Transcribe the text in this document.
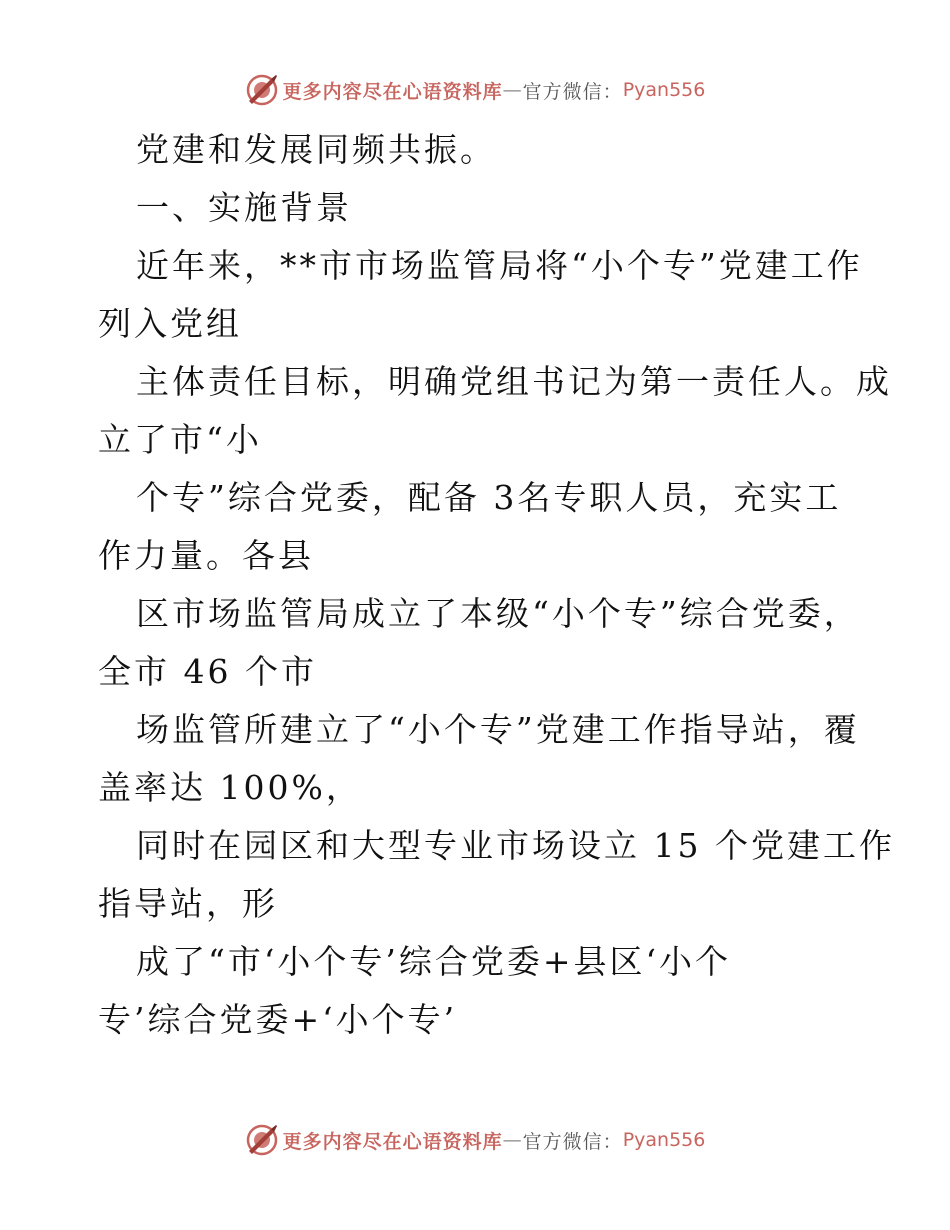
更多内容尽在心语资料库 — 官方微信： Pyan556
党建和发展同频共振。
一、实施背景
近年来，**市市场监管局将“小个专”党建工作
列入党组
主体责任目标，明确党组书记为第一责任人。成
立了市“小
个专”综合党委，配备 3名专职人员，充实工
作力量。各县
区市场监管局成立了本级“小个专”综合党委，
全市 46 个市
场监管所建立了“小个专”党建工作指导站，覆
盖率达 100%，
同时在园区和大型专业市场设立 15 个党建工作
指导站，形
成了“市‘小个专’综合党委+县区‘小个
专’综合党委+‘小个专’
更多内容尽在心语资料库 — 官方微信： Pyan556
